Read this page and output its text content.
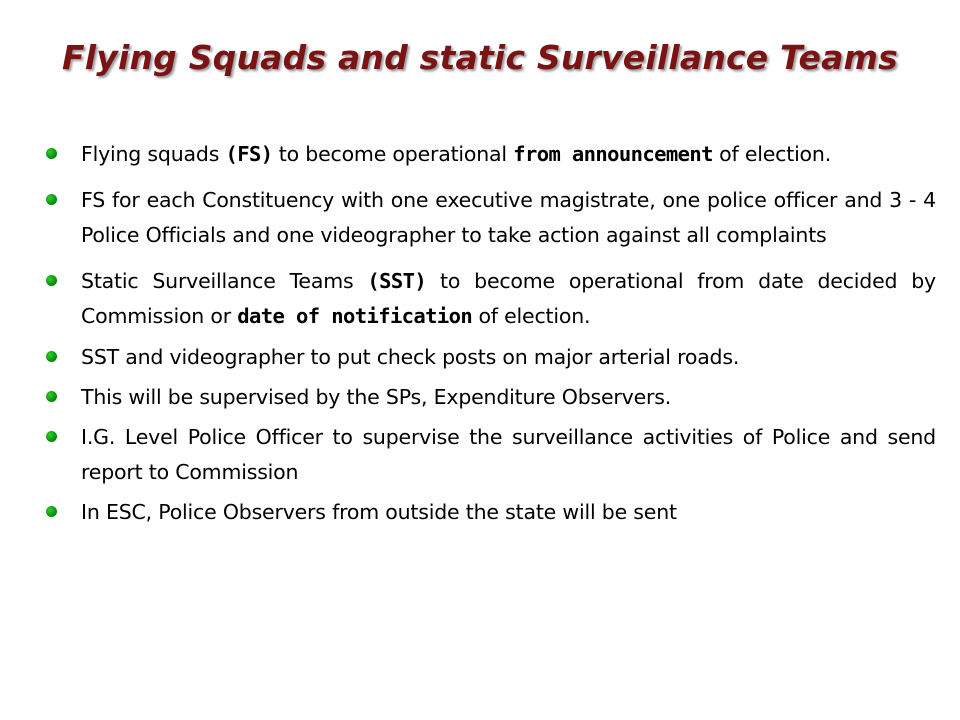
Flying Squads and static Surveillance Teams
Flying squads (FS) to become operational from announcement of election.
FS for each Constituency with one executive magistrate, one police officer and 3 - 4 Police Officials and one videographer to take action against all complaints
Static Surveillance Teams (SST) to become operational from date decided by Commission or date of notification of election.
SST and videographer to put check posts on major arterial roads.
This will be supervised by the SPs, Expenditure Observers.
I.G. Level Police Officer to supervise the surveillance activities of Police and send report to Commission
In ESC, Police Observers from outside the state will be sent
